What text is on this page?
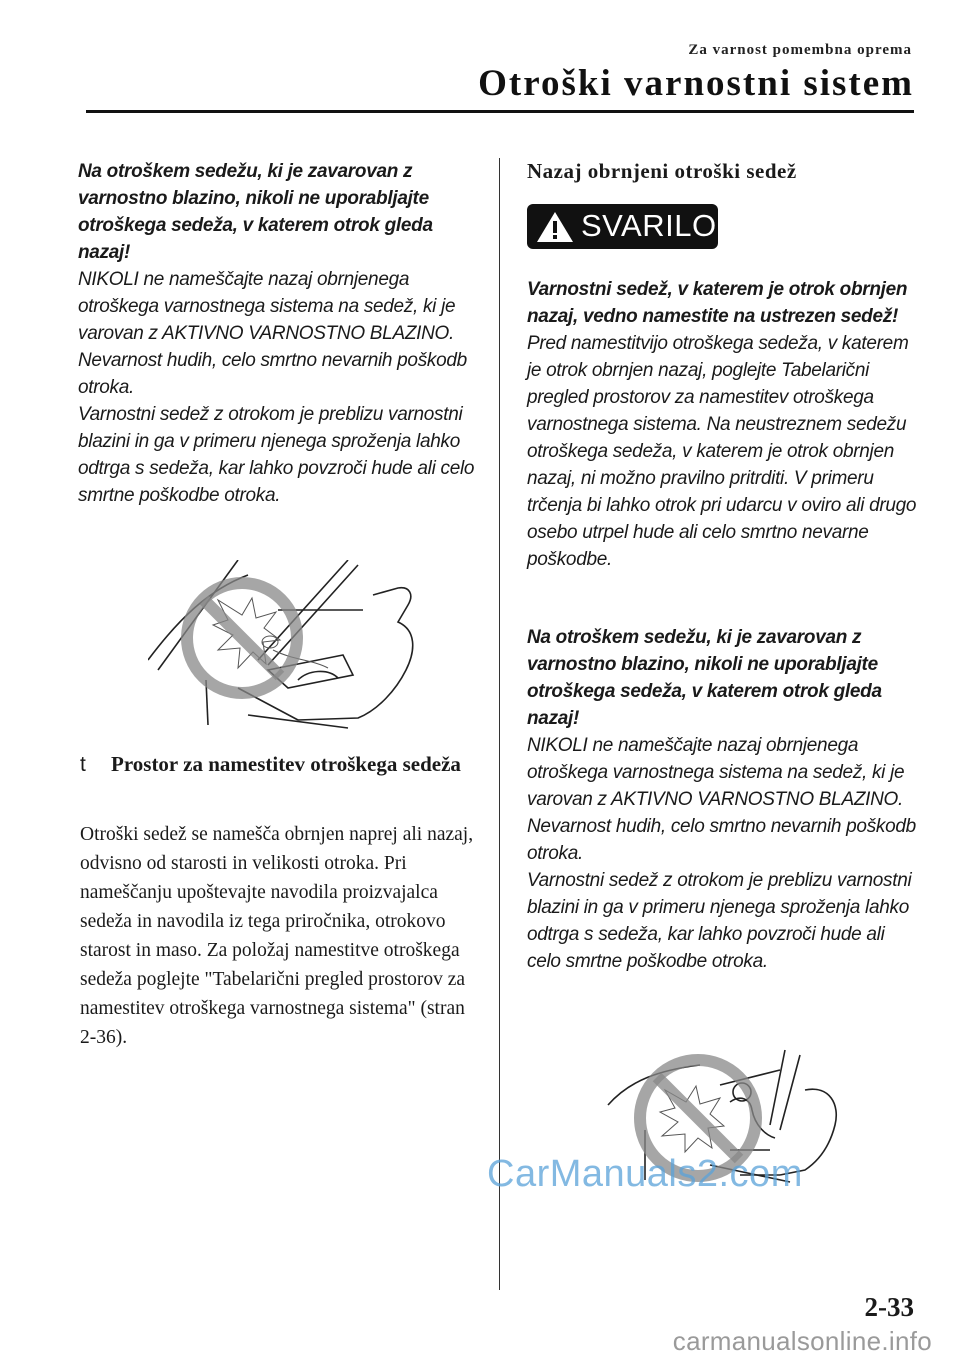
Za varnost pomembna oprema
Otroški varnostni sistem
Na otroškem sedežu, ki je zavarovan z varnostno blazino, nikoli ne uporabljajte otroškega sedeža, v katerem otrok gleda nazaj!
NIKOLI ne nameščajte nazaj obrnjenega otroškega varnostnega sistema na sedež, ki je varovan z AKTIVNO VARNOSTNO BLAZINO. Nevarnost hudih, celo smrtno nevarnih poškodb otroka.
Varnostni sedež z otrokom je preblizu varnostni blazini in ga v primeru njenega sproženja lahko odtrga s sedeža, kar lahko povzroči hude ali celo smrtne poškodbe otroka.
t Prostor za namestitev otroškega sedeža
Otroški sedež se namešča obrnjen naprej ali nazaj, odvisno od starosti in velikosti otroka. Pri nameščanju upoštevajte navodila proizvajalca sedeža in navodila iz tega priročnika, otrokovo starost in maso. Za položaj namestitve otroškega sedeža poglejte "Tabelarični pregled prostorov za namestitev otroškega varnostnega sistema" (stran 2-36).
Nazaj obrnjeni otroški sedež
SVARILO
Varnostni sedež, v katerem je otrok obrnjen nazaj, vedno namestite na ustrezen sedež!
Pred namestitvijo otroškega sedeža, v katerem je otrok obrnjen nazaj, poglejte Tabelarični pregled prostorov za namestitev otroškega varnostnega sistema. Na neustreznem sedežu otroškega sedeža, v katerem je otrok obrnjen nazaj, ni možno pravilno pritrditi. V primeru trčenja bi lahko otrok pri udarcu v oviro ali drugo osebo utrpel hude ali celo smrtno nevarne poškodbe.
Na otroškem sedežu, ki je zavarovan z varnostno blazino, nikoli ne uporabljajte otroškega sedeža, v katerem otrok gleda nazaj!
NIKOLI ne nameščajte nazaj obrnjenega otroškega varnostnega sistema na sedež, ki je varovan z AKTIVNO VARNOSTNO BLAZINO. Nevarnost hudih, celo smrtno nevarnih poškodb otroka.
Varnostni sedež z otrokom je preblizu varnostni blazini in ga v primeru njenega sproženja lahko odtrga s sedeža, kar lahko povzroči hude ali celo smrtne poškodbe otroka.
CarManuals2.com
2-33
carmanualsonline.info
